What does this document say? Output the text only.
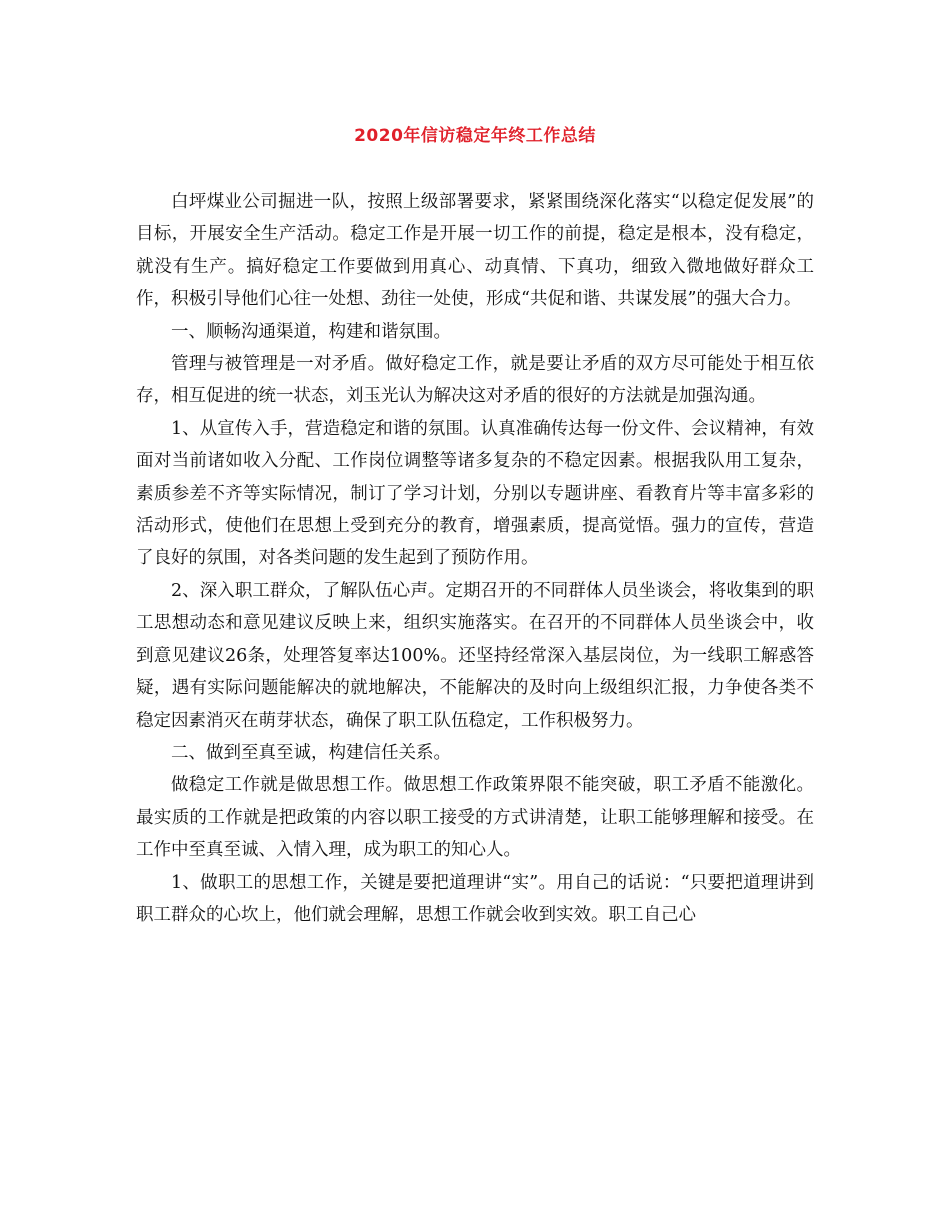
2020年信访稳定年终工作总结

白坪煤业公司掘进一队，按照上级部署要求，紧紧围绕深化落实“以稳定促发展”的目标，开展安全生产活动。稳定工作是开展一切工作的前提，稳定是根本，没有稳定，就没有生产。搞好稳定工作要做到用真心、动真情、下真功，细致入微地做好群众工作，积极引导他们心往一处想、劲往一处使，形成“共促和谐、共谋发展”的强大合力。

一、顺畅沟通渠道，构建和谐氛围。

管理与被管理是一对矛盾。做好稳定工作，就是要让矛盾的双方尽可能处于相互依存，相互促进的统一状态，刘玉光认为解决这对矛盾的很好的方法就是加强沟通。

1、从宣传入手，营造稳定和谐的氛围。认真准确传达每一份文件、会议精神，有效面对当前诸如收入分配、工作岗位调整等诸多复杂的不稳定因素。根据我队用工复杂，素质参差不齐等实际情况，制订了学习计划，分别以专题讲座、看教育片等丰富多彩的活动形式，使他们在思想上受到充分的教育，增强素质，提高觉悟。强力的宣传，营造了良好的氛围，对各类问题的发生起到了预防作用。

2、深入职工群众，了解队伍心声。定期召开的不同群体人员坐谈会，将收集到的职工思想动态和意见建议反映上来，组织实施落实。在召开的不同群体人员坐谈会中，收到意见建议26条，处理答复率达100%。还坚持经常深入基层岗位，为一线职工解惑答疑，遇有实际问题能解决的就地解决，不能解决的及时向上级组织汇报，力争使各类不稳定因素消灭在萌芽状态，确保了职工队伍稳定，工作积极努力。

二、做到至真至诚，构建信任关系。

做稳定工作就是做思想工作。做思想工作政策界限不能突破，职工矛盾不能激化。最实质的工作就是把政策的内容以职工接受的方式讲清楚，让职工能够理解和接受。在工作中至真至诚、入情入理，成为职工的知心人。

1、做职工的思想工作，关键是要把道理讲“实”。用自己的话说：“只要把道理讲到职工群众的心坎上，他们就会理解，思想工作就会收到实效。职工自己心
